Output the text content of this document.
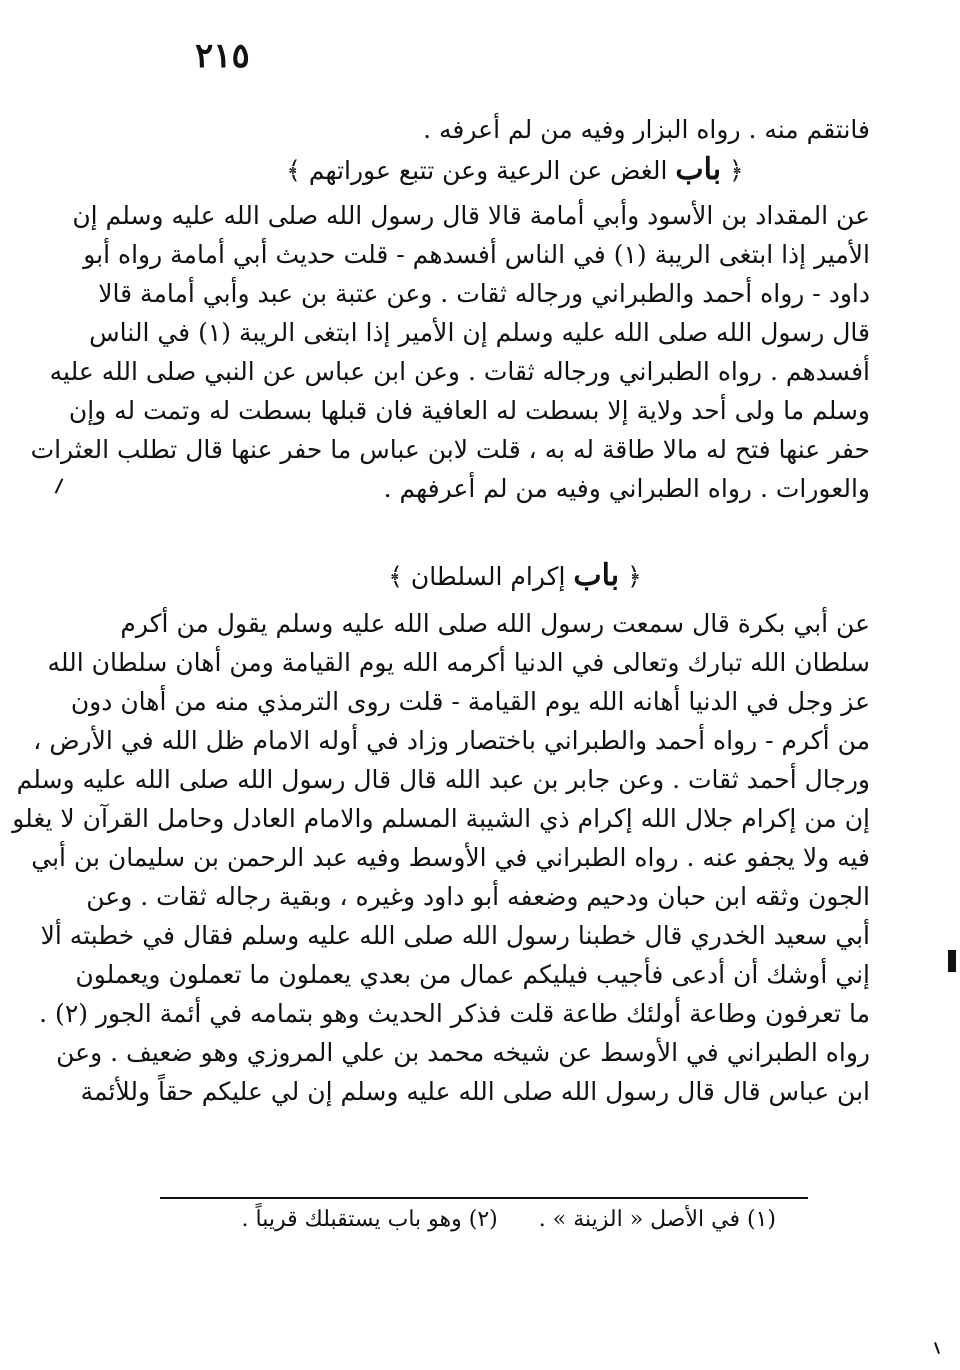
٢١٥
فانتقم منه . رواه البزار وفيه من لم أعرفه .
﴿ باب الغض عن الرعية وعن تتبع عوراتهم ﴾
عن المقداد بن الأسود وأبي أمامة قالا قال رسول الله صلى الله عليه وسلم إن
الأمير إذا ابتغى الريبة (١) في الناس أفسدهم - قلت حديث أبي أمامة رواه أبو
داود - رواه أحمد والطبراني ورجاله ثقات . وعن عتبة بن عبد وأبي أمامة قالا
قال رسول الله صلى الله عليه وسلم إن الأمير إذا ابتغى الريبة (١) في الناس
أفسدهم . رواه الطبراني ورجاله ثقات . وعن ابن عباس عن النبي صلى الله عليه
وسلم ما ولى أحد ولاية إلا بسطت له العافية فان قبلها بسطت له وتمت له وإن
حفر عنها فتح له مالا طاقة له به ، قلت لابن عباس ما حفر عنها قال تطلب العثرات
والعورات . رواه الطبراني وفيه من لم أعرفهم .
﴿ باب إكرام السلطان ﴾
عن أبي بكرة قال سمعت رسول الله صلى الله عليه وسلم يقول من أكرم
سلطان الله تبارك وتعالى في الدنيا أكرمه الله يوم القيامة ومن أهان سلطان الله
عز وجل في الدنيا أهانه الله يوم القيامة - قلت روى الترمذي منه من أهان دون
من أكرم - رواه أحمد والطبراني باختصار وزاد في أوله الامام ظل الله في الأرض ،
ورجال أحمد ثقات . وعن جابر بن عبد الله قال قال رسول الله صلى الله عليه وسلم
إن من إكرام جلال الله إكرام ذي الشيبة المسلم والامام العادل وحامل القرآن لا يغلو
فيه ولا يجفو عنه . رواه الطبراني في الأوسط وفيه عبد الرحمن بن سليمان بن أبي
الجون وثقه ابن حبان ودحيم وضعفه أبو داود وغيره ، وبقية رجاله ثقات . وعن
أبي سعيد الخدري قال خطبنا رسول الله صلى الله عليه وسلم فقال في خطبته ألا
إني أوشك أن أدعى فأجيب فيليكم عمال من بعدي يعملون ما تعملون ويعملون
ما تعرفون وطاعة أولئك طاعة قلت فذكر الحديث وهو بتمامه في أئمة الجور (٢) .
رواه الطبراني في الأوسط عن شيخه محمد بن علي المروزي وهو ضعيف . وعن
ابن عباس قال قال رسول الله صلى الله عليه وسلم إن لي عليكم حقاً وللأئمة
(١) في الأصل « الزينة » . (٢) وهو باب يستقبلك قريباً .
